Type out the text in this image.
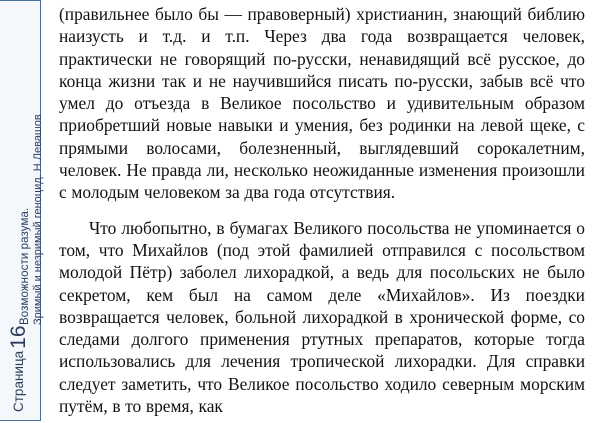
Возможности разума. Зримый и незримый геноцид. Н.Левашов
Страница16

(правильнее было бы — правоверный) христианин, знающий библию наизусть и т.д. и т.п. Через два года возвращается человек, практически не говорящий по-русски, ненавидящий всё русское, до конца жизни так и не научившийся писать по-русски, забыв всё что умел до отъезда в Великое посольство и удивительным образом приобретший новые навыки и умения, без родинки на левой щеке, с прямыми волосами, болезненный, выглядевший сорокалетним, человек. Не правда ли, несколько неожиданные изменения произошли с молодым человеком за два года отсутствия.

Что любопытно, в бумагах Великого посольства не упоминается о том, что Михайлов (под этой фамилией отправился с посольством молодой Пётр) заболел лихорадкой, а ведь для посольских не было секретом, кем был на самом деле «Михайлов». Из поездки возвращается человек, больной лихорадкой в хронической форме, со следами долгого применения ртутных препаратов, которые тогда использовались для лечения тропической лихорадки. Для справки следует заметить, что Великое посольство ходило северным морским путём, в то время, как
